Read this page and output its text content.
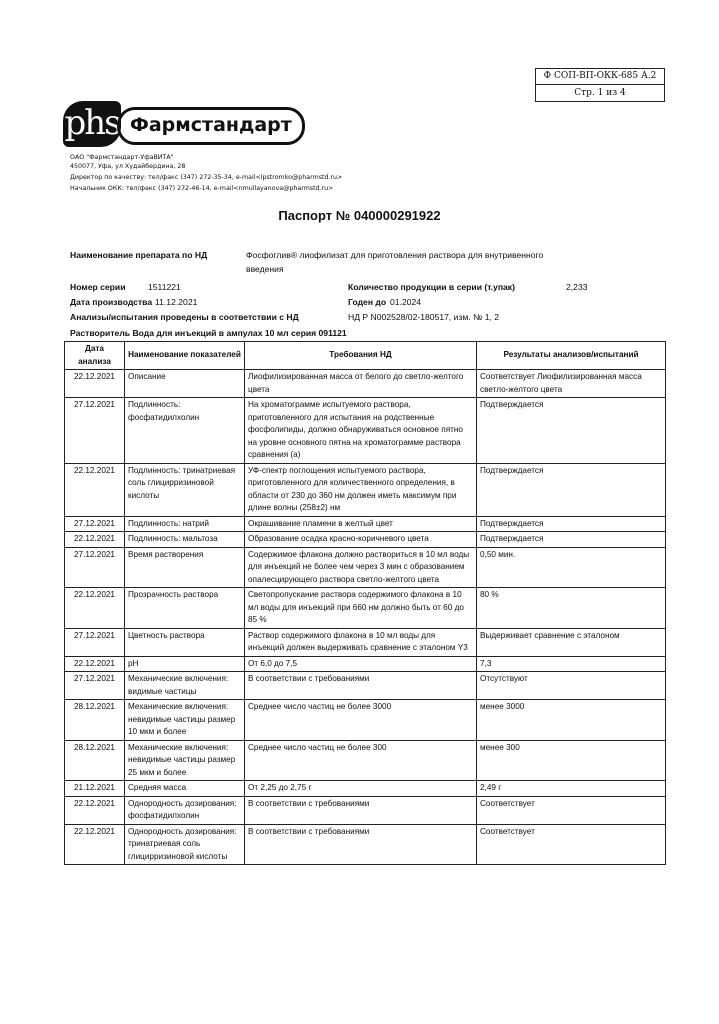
Ф СОП-ВП-ОКК-685 А.2
Стр. 1 из 4
phs Фармстандарт
ОАО "Фармстандарт-УфаВИТА"
450077, Уфа, ул Худайбердина, 28
Директор по качеству: тел/факс (347) 272-35-34, e-mail<lpstromko@pharmstd.ru>
Начальник ОКК: тел/факс (347) 272-46-14, e-mail<nmullayanova@pharmstd.ru>
Паспорт № 040000291922
Наименование препарата по НД	Фосфоглив® лиофилизат для приготовления раствора для внутривенного
введения
Номер серии	1511221	Количество продукции в серии (т.упак)	2,233
Дата производства 11.12.2021	Годен до 01.2024
Анализы/испытания проведены в соответствии с НД	НД Р N002528/02-180517, изм. № 1, 2
Растворитель Вода для инъекций в ампулах 10 мл серия 091121
Дата анализа	Наименование показателей	Требования НД	Результаты анализов/испытаний
22.12.2021	Описание	Лиофилизированная масса от белого до светло-желтого цвета	Соответствует Лиофилизированная масса светло-желтого цвета
27.12.2021	Подлинность: фосфатидилхолин	На хроматограмме испытуемого раствора, приготовленного для испытания на родственные фосфолипиды, должно обнаруживаться основное пятно на уровне основного пятна на хроматограмме раствора сравнения (а)	Подтверждается
22.12.2021	Подлинность: тринатриевая соль глицирризиновой кислоты	УФ-спектр поглощения испытуемого раствора, приготовленного для количественного определения, в области от 230 до 360 нм должен иметь максимум при длине волны (258±2) нм	Подтверждается
27.12.2021	Подлинность: натрий	Окрашивание пламени в желтый цвет	Подтверждается
22.12.2021	Подлинность: мальтоза	Образование осадка красно-коричневого цвета	Подтверждается
27.12.2021	Время растворения	Содержимое флакона должно раствориться в 10 мл воды для инъекций не более чем через 3 мин с образованием опалесцирующего раствора светло-желтого цвета	0,50 мин.
22.12.2021	Прозрачность раствора	Светопропускание раствора содержимого флакона в 10 мл воды для инъекций при 660 нм должно быть от 60 до 85 %	80 %
27.12.2021	Цветность раствора	Раствор содержимого флакона в 10 мл воды для инъекций должен выдерживать сравнение с эталоном Y3	Выдерживает сравнение с эталоном
22.12.2021	pH	От 6,0 до 7,5	7,3
27.12.2021	Механические включения: видимые частицы	В соответствии с требованиями	Отсутствуют
28.12.2021	Механические включения: невидимые частицы размер 10 мкм и более	Среднее число частиц не более 3000	менее 3000
28.12.2021	Механические включения: невидимые частицы размер 25 мкм и более	Среднее число частиц не более 300	менее 300
21.12.2021	Средняя масса	От 2,25 до 2,75 г	2,49 г
22.12.2021	Однородность дозирования: фосфатидилхолин	В соответствии с требованиями	Соответствует
22.12.2021	Однородность дозирования: тринатриевая соль глицирризиновой кислоты	В соответствии с требованиями	Соответствует
